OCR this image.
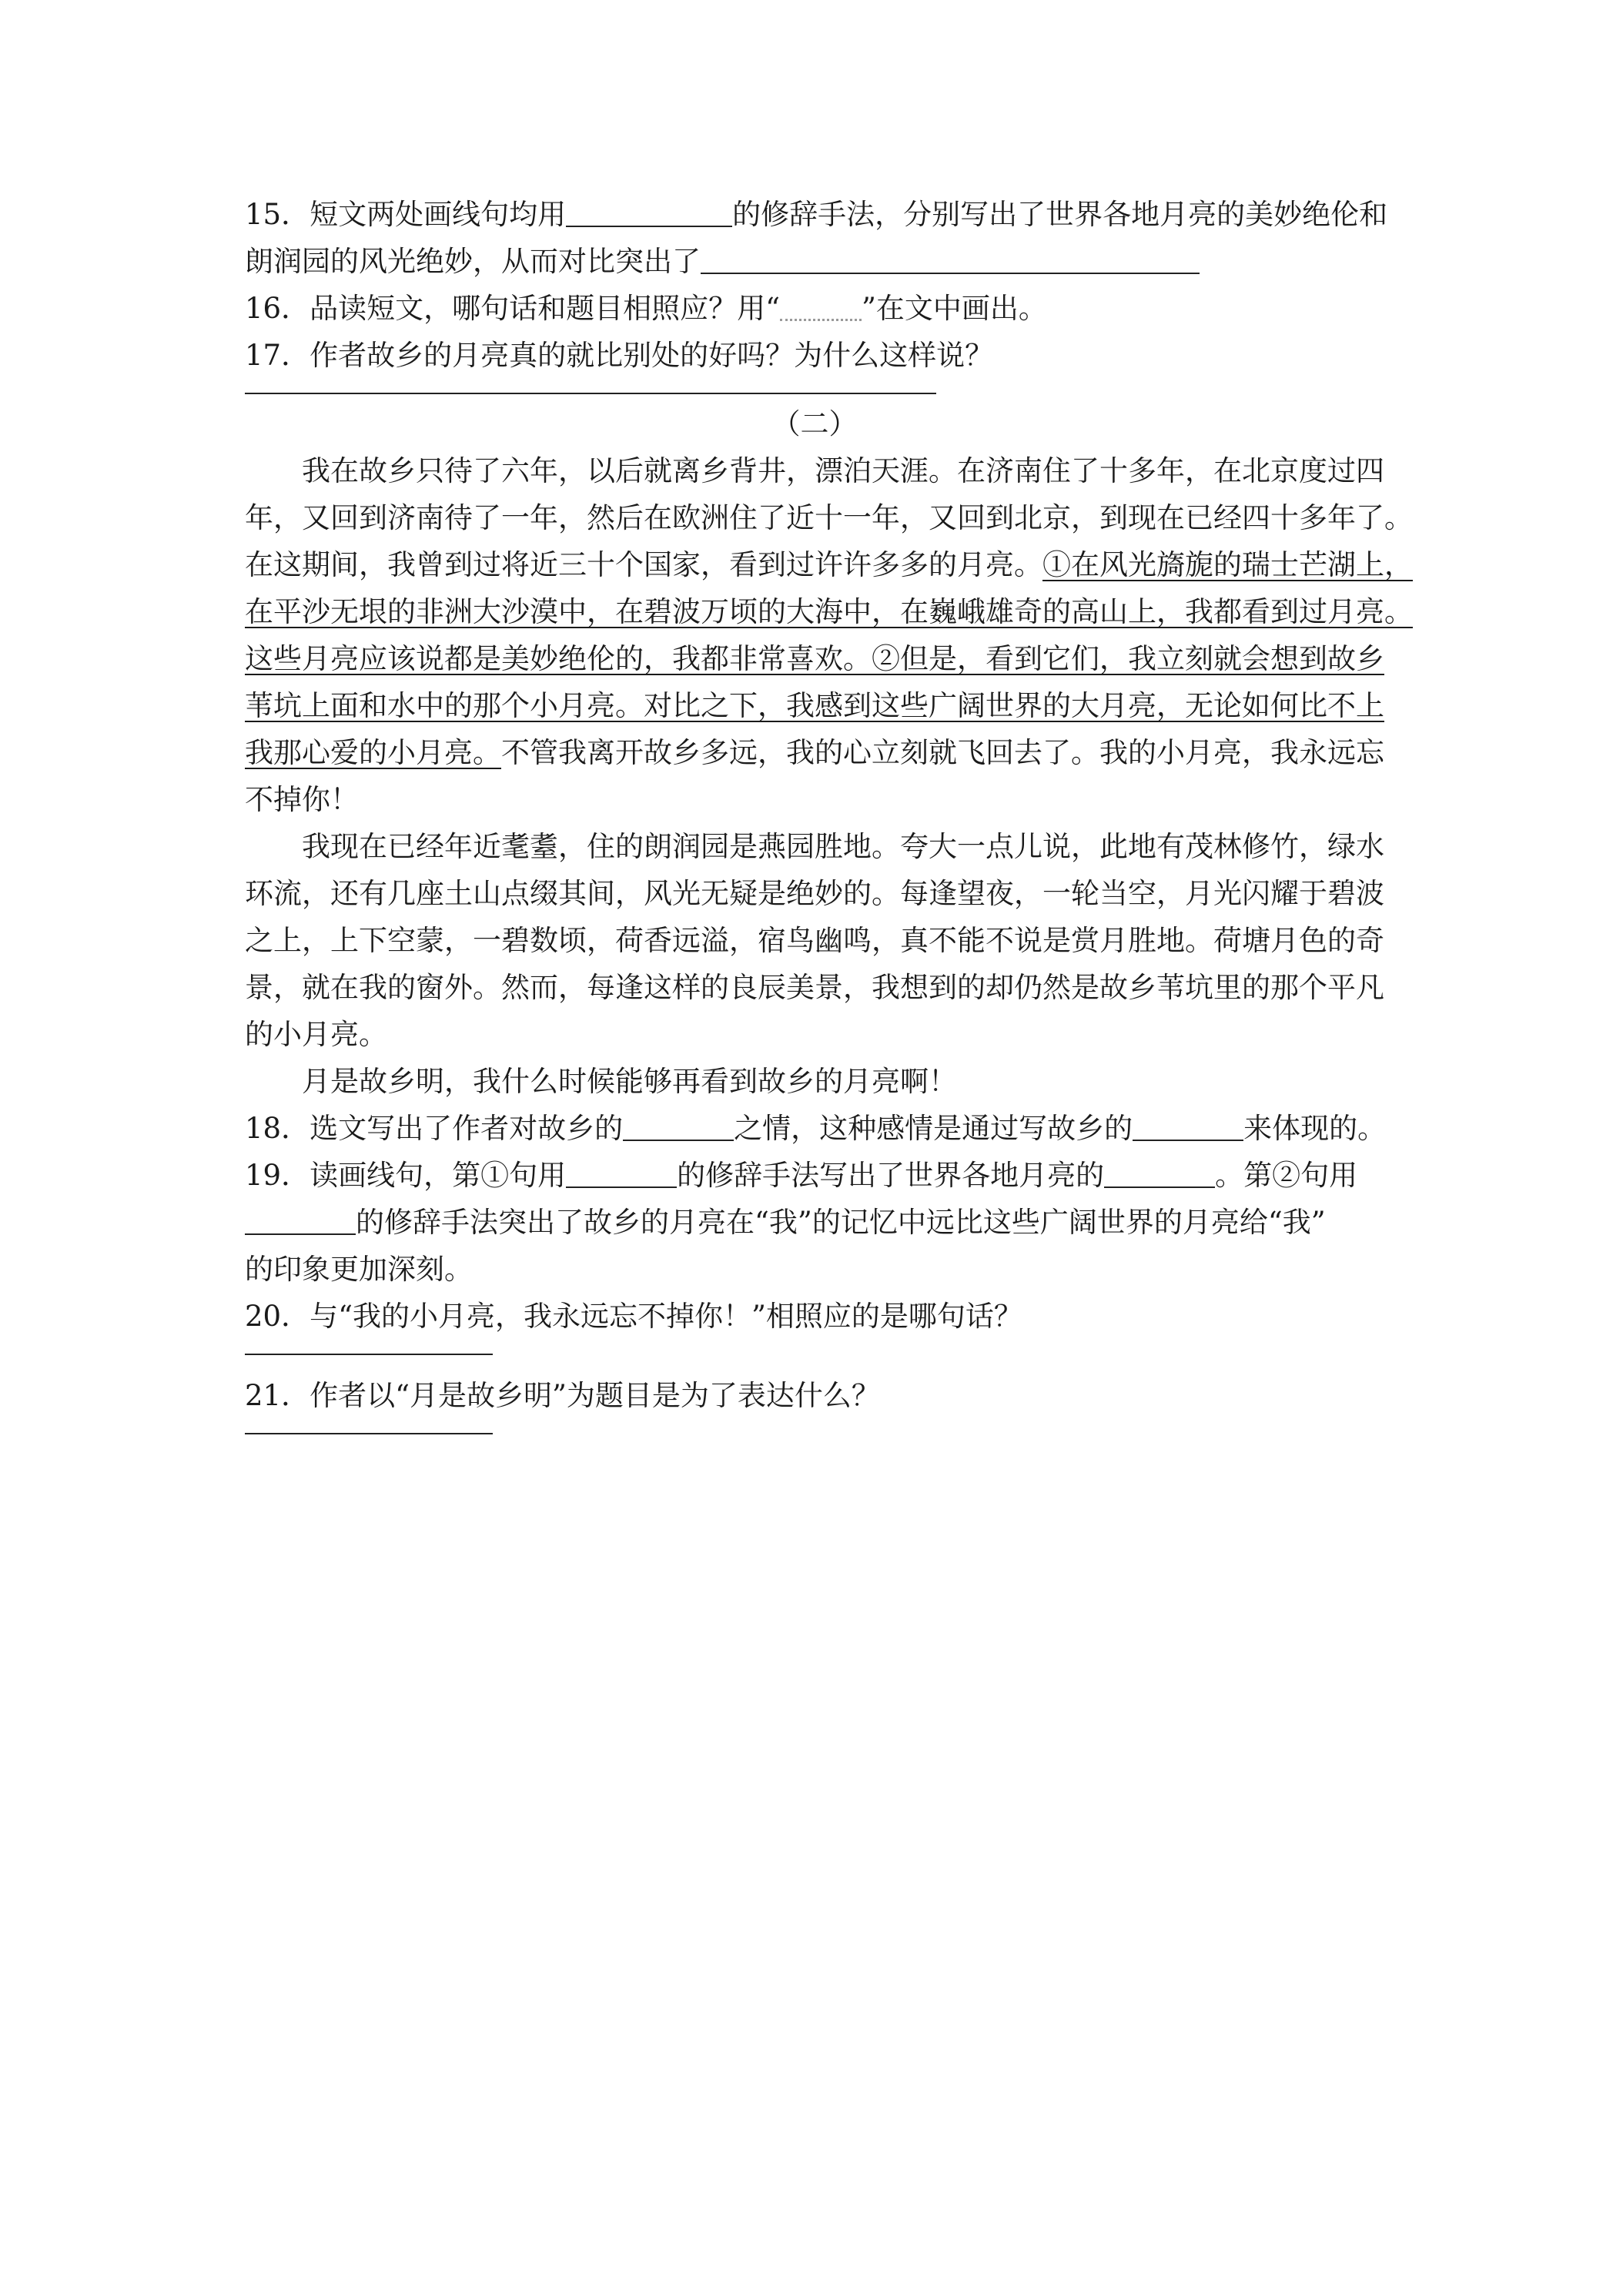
15．短文两处画线句均用	的修辞手法，分别写出了世界各地月亮的美妙绝伦和
朗润园的风光绝妙，从而对比突出了
16．品读短文，哪句话和题目相照应？用“	”在文中画出。
17．作者故乡的月亮真的就比别处的好吗？为什么这样说？
（二）
我在故乡只待了六年，以后就离乡背井，漂泊天涯。在济南住了十多年，在北京度过四
年，又回到济南待了一年，然后在欧洲住了近十一年，又回到北京，到现在已经四十多年了。
在这期间，我曾到过将近三十个国家，看到过许许多多的月亮。①在风光旖旎的瑞士芒湖上，
在平沙无垠的非洲大沙漠中，在碧波万顷的大海中，在巍峨雄奇的高山上，我都看到过月亮。
这些月亮应该说都是美妙绝伦的，我都非常喜欢。②但是，看到它们，我立刻就会想到故乡
苇坑上面和水中的那个小月亮。对比之下，我感到这些广阔世界的大月亮，无论如何比不上
我那心爱的小月亮。不管我离开故乡多远，我的心立刻就飞回去了。我的小月亮，我永远忘
不掉你！
我现在已经年近耄耋，住的朗润园是燕园胜地。夸大一点儿说，此地有茂林修竹，绿水
环流，还有几座土山点缀其间，风光无疑是绝妙的。每逢望夜，一轮当空，月光闪耀于碧波
之上，上下空蒙，一碧数顷，荷香远溢，宿鸟幽鸣，真不能不说是赏月胜地。荷塘月色的奇
景，就在我的窗外。然而，每逢这样的良辰美景，我想到的却仍然是故乡苇坑里的那个平凡
的小月亮。
月是故乡明，我什么时候能够再看到故乡的月亮啊！
18．选文写出了作者对故乡的	之情，这种感情是通过写故乡的	来体现的。
19．读画线句，第①句用	的修辞手法写出了世界各地月亮的	。第②句用
的修辞手法突出了故乡的月亮在“我”的记忆中远比这些广阔世界的月亮给“我”
的印象更加深刻。
20．与“我的小月亮，我永远忘不掉你！”相照应的是哪句话？
21．作者以“月是故乡明”为题目是为了表达什么？
